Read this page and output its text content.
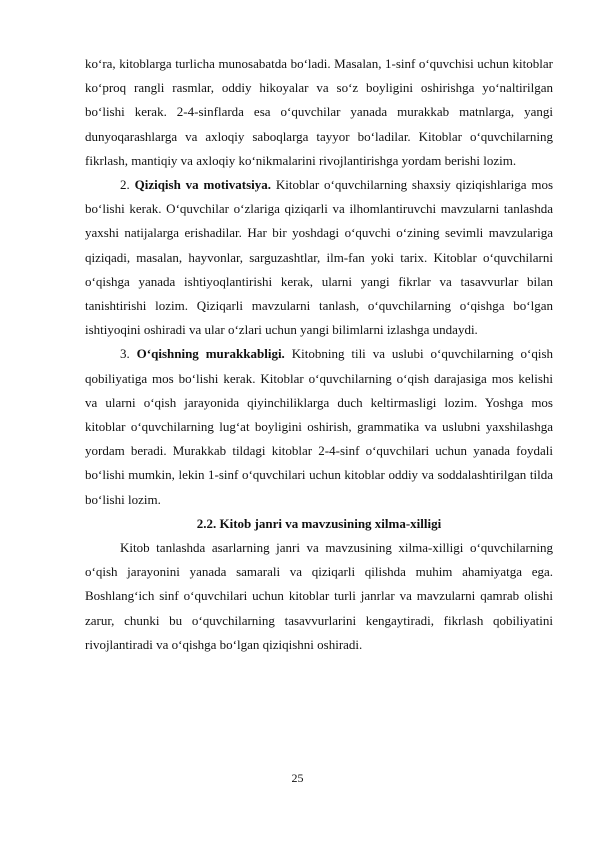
ko‘ra, kitoblarga turlicha munosabatda bo‘ladi. Masalan, 1-sinf o‘quvchisi uchun kitoblar ko‘proq rangli rasmlar, oddiy hikoyalar va so‘z boyligini oshirishga yo‘naltirilgan bo‘lishi kerak. 2-4-sinflarda esa o‘quvchilar yanada murakkab matnlarga, yangi dunyoqarashlarga va axloqiy saboqlarga tayyor bo‘ladilar. Kitoblar o‘quvchilarning fikrlash, mantiqiy va axloqiy ko‘nikmalarini rivojlantirishga yordam berishi lozim.

2. Qiziqish va motivatsiya. Kitoblar o‘quvchilarning shaxsiy qiziqishlariga mos bo‘lishi kerak. O‘quvchilar o‘zlariga qiziqarli va ilhomlantiruvchi mavzularni tanlashda yaxshi natijalarga erishadilar. Har bir yoshdagi o‘quvchi o‘zining sevimli mavzulariga qiziqadi, masalan, hayvonlar, sarguzashtlar, ilm-fan yoki tarix. Kitoblar o‘quvchilarni o‘qishga yanada ishtiyoqlantirishi kerak, ularni yangi fikrlar va tasavvurlar bilan tanishtirishi lozim. Qiziqarli mavzularni tanlash, o‘quvchilarning o‘qishga bo‘lgan ishtiyoqini oshiradi va ular o‘zlari uchun yangi bilimlarni izlashga undaydi.

3. O‘qishning murakkabligi. Kitobning tili va uslubi o‘quvchilarning o‘qish qobiliyatiga mos bo‘lishi kerak. Kitoblar o‘quvchilarning o‘qish darajasiga mos kelishi va ularni o‘qish jarayonida qiyinchiliklarga duch keltirmasligi lozim. Yoshga mos kitoblar o‘quvchilarning lug‘at boyligini oshirish, grammatika va uslubni yaxshilashga yordam beradi. Murakkab tildagi kitoblar 2-4-sinf o‘quvchilari uchun yanada foydali bo‘lishi mumkin, lekin 1-sinf o‘quvchilari uchun kitoblar oddiy va soddalashtirilgan tilda bo‘lishi lozim.

2.2. Kitob janri va mavzusining xilma-xilligi

Kitob tanlashda asarlarning janri va mavzusining xilma-xilligi o‘quvchilarning o‘qish jarayonini yanada samarali va qiziqarli qilishda muhim ahamiyatga ega. Boshlang‘ich sinf o‘quvchilari uchun kitoblar turli janrlar va mavzularni qamrab olishi zarur, chunki bu o‘quvchilarning tasavvurlarini kengaytiradi, fikrlash qobiliyatini rivojlantiradi va o‘qishga bo‘lgan qiziqishni oshiradi.

25
